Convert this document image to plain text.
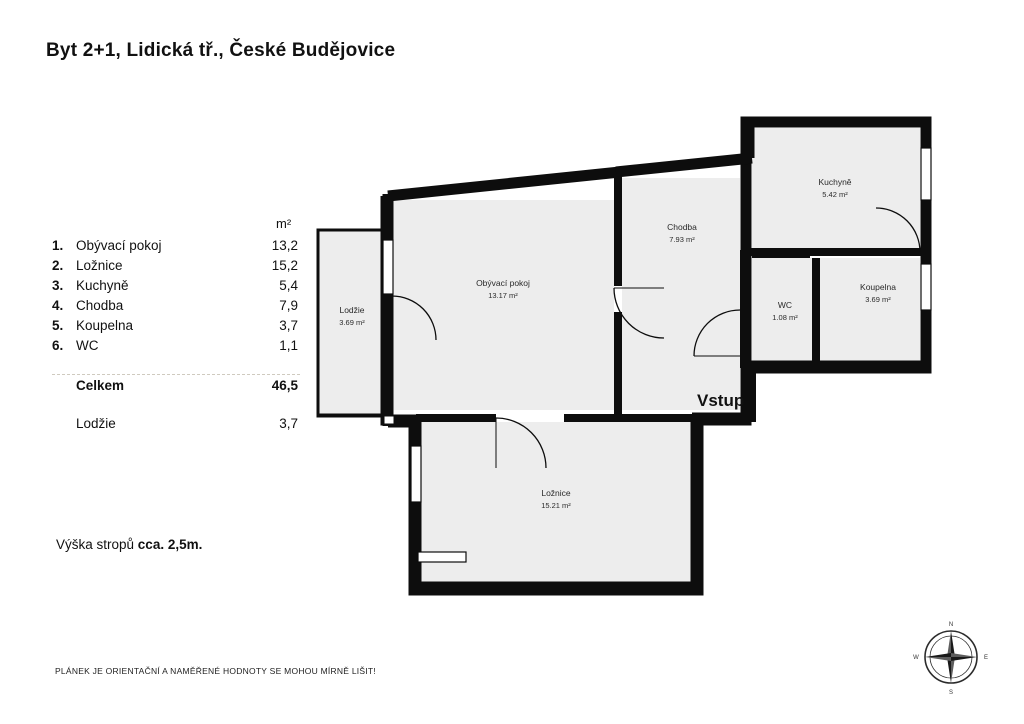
Byt 2+1, Lidická tř., České Budějovice
m²
1. Obývací pokoj	13,2
2. Ložnice	15,2
3. Kuchyně	5,4
4. Chodba	7,9
5. Koupelna	3,7
6. WC	1,1
Celkem	46,5
Lodžie	3,7
Výška stropů cca. 2,5m.
PLÁNEK JE ORIENTAČNÍ A NAMĚŘENÉ HODNOTY SE MOHOU MÍRNĚ LIŠIT!
Lodžie
3.69 m²
Obývací pokoj
13.17 m²
Chodba
7.93 m²
Kuchyně
5.42 m²
Koupelna
3.69 m²
WC
1.08 m²
Ložnice
15.21 m²
Vstup
N
E
S
W
